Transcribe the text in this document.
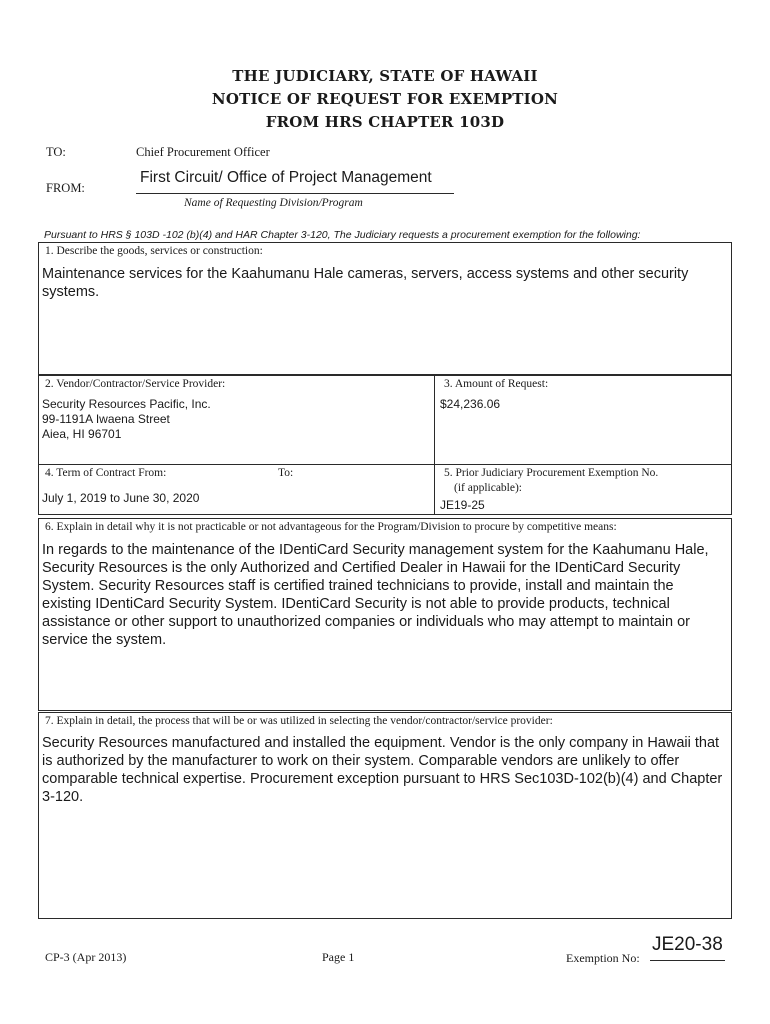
THE JUDICIARY, STATE OF HAWAII
NOTICE OF REQUEST FOR EXEMPTION
FROM HRS CHAPTER 103D
TO:	Chief Procurement Officer
FROM:
First Circuit/ Office of Project Management
Name of Requesting Division/Program
Pursuant to HRS § 103D -102 (b)(4) and HAR Chapter 3-120, The Judiciary requests a procurement exemption for the following:
1. Describe the goods, services or construction:
Maintenance services for the Kaahumanu Hale cameras, servers, access systems and other security systems.
2. Vendor/Contractor/Service Provider:
Security Resources Pacific, Inc.
99-1191A Iwaena Street
Aiea, HI 96701
3. Amount of Request:
$24,236.06
4. Term of Contract From:	To:
July 1, 2019 to June 30, 2020
5. Prior Judiciary Procurement Exemption No.
(if applicable):
JE19-25
6. Explain in detail why it is not practicable or not advantageous for the Program/Division to procure by competitive means:
In regards to the maintenance of the IDentiCard Security management system for the Kaahumanu Hale, Security Resources is the only Authorized and Certified Dealer in Hawaii for the IDentiCard Security System. Security Resources staff is certified trained technicians to provide, install and maintain the existing IDentiCard Security System. IDentiCard Security is not able to provide products, technical assistance or other support to unauthorized companies or individuals who may attempt to maintain or service the system.
7. Explain in detail, the process that will be or was utilized in selecting the vendor/contractor/service provider:
Security Resources manufactured and installed the equipment. Vendor is the only company in Hawaii that is authorized by the manufacturer to work on their system. Comparable vendors are unlikely to offer comparable technical expertise. Procurement exception pursuant to HRS Sec103D-102(b)(4) and Chapter 3-120.
CP-3 (Apr 2013)	Page 1	Exemption No:
JE20-38
